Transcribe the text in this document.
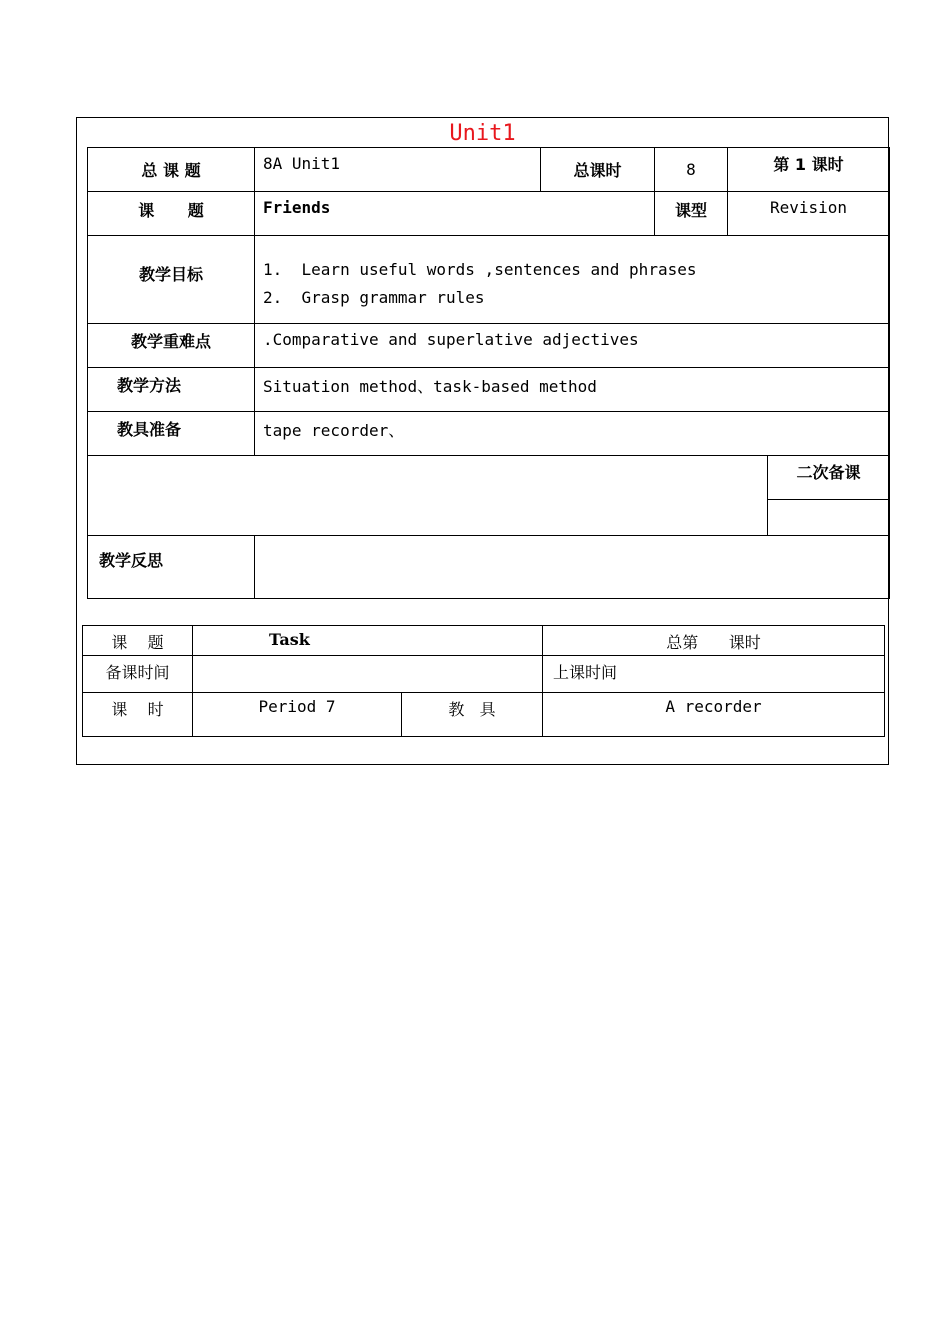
Unit1
总 课 题	8A Unit1	总课时	8	第 1 课时
课      题	Friends	课型	Revision
教学目标	1.  Learn useful words ,sentences and phrases
2.  Grasp grammar rules

教学重难点	.Comparative and superlative adjectives
教学方法	Situation method、task-based method
教具准备	tape recorder、

二次备课

教学反思	
课    题	Task		总第      课时
备课时间			上课时间
课    时	Period 7	教   具	A recorder
